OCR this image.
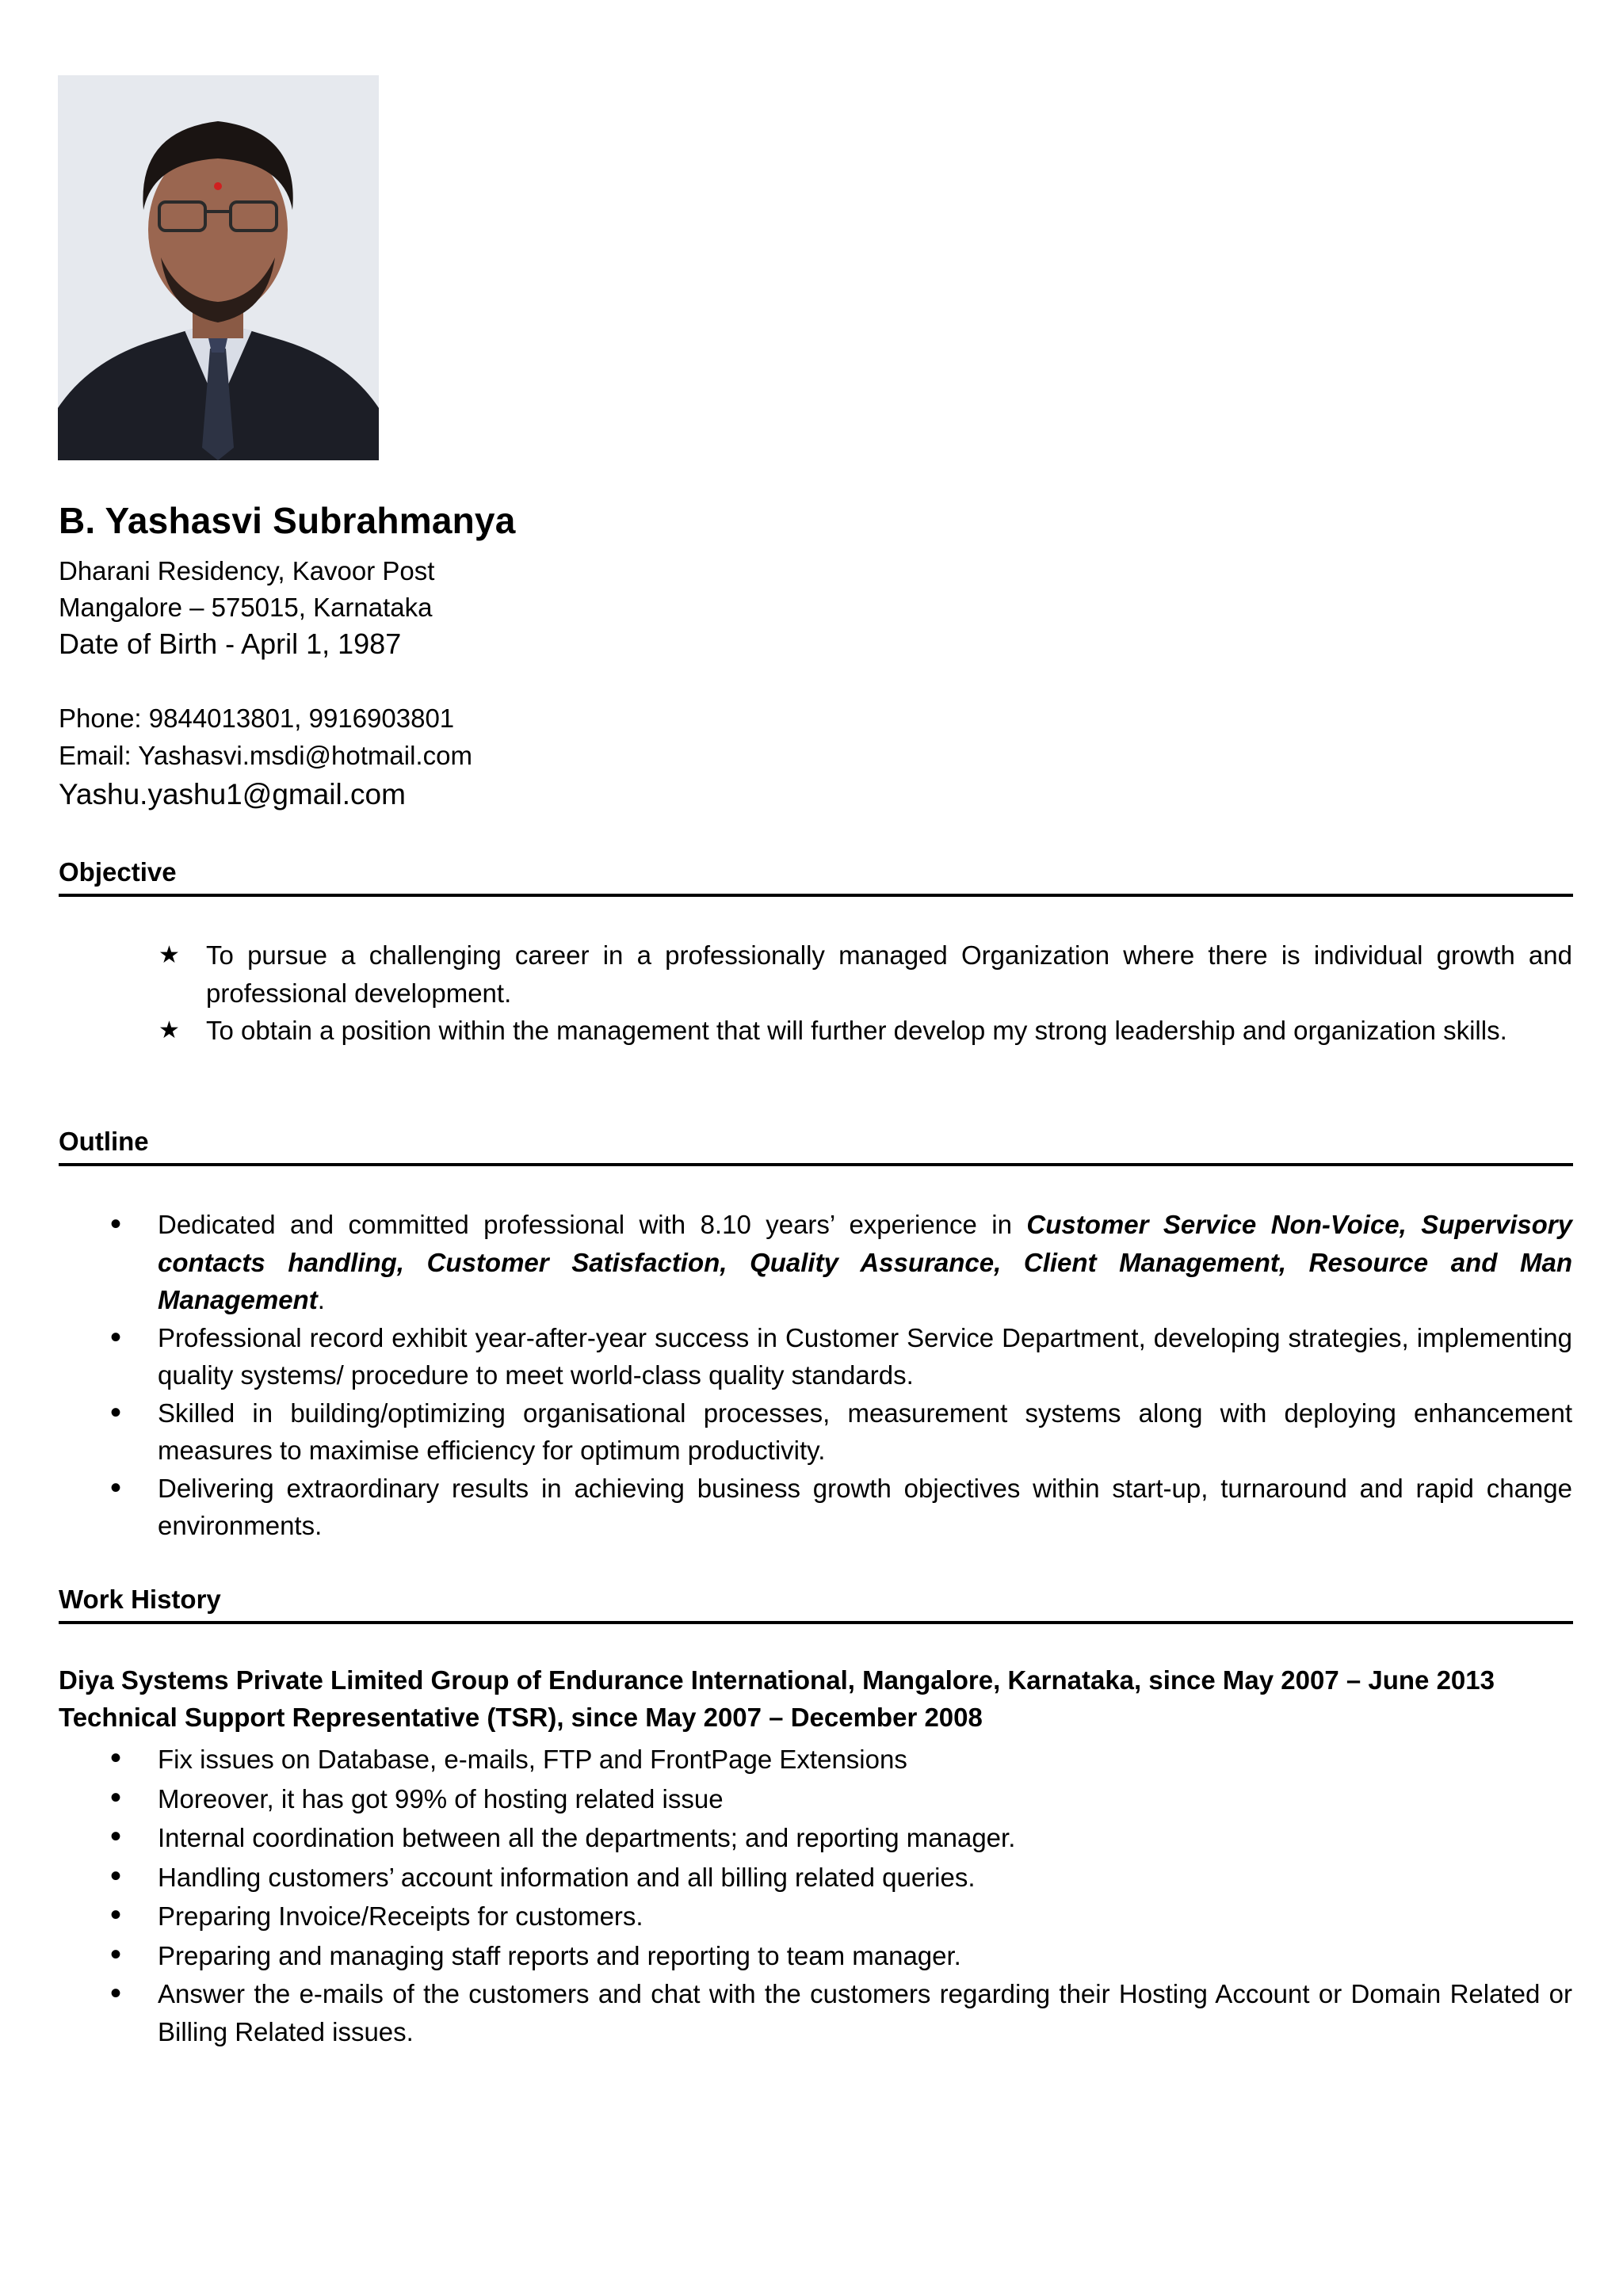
B. Yashasvi Subrahmanya
Dharani Residency, Kavoor Post
Mangalore – 575015, Karnataka
Date of Birth - April 1, 1987
Phone: 9844013801, 9916903801
Email: Yashasvi.msdi@hotmail.com
Yashu.yashu1@gmail.com
Objective
★ To pursue a challenging career in a professionally managed Organization where there is individual growth and professional development.
★ To obtain a position within the management that will further develop my strong leadership and organization skills.
Outline
• Dedicated and committed professional with 8.10 years’ experience in Customer Service Non-Voice, Supervisory contacts handling, Customer Satisfaction, Quality Assurance, Client Management, Resource and Man Management.
• Professional record exhibit year-after-year success in Customer Service Department, developing strategies, implementing quality systems/ procedure to meet world-class quality standards.
• Skilled in building/optimizing organisational processes, measurement systems along with deploying enhancement measures to maximise efficiency for optimum productivity.
• Delivering extraordinary results in achieving business growth objectives within start-up, turnaround and rapid change environments.
Work History
Diya Systems Private Limited Group of Endurance International, Mangalore, Karnataka, since May 2007 – June 2013
Technical Support Representative (TSR), since May 2007 – December 2008
• Fix issues on Database, e-mails, FTP and FrontPage Extensions
• Moreover, it has got 99% of hosting related issue
• Internal coordination between all the departments; and reporting manager.
• Handling customers’ account information and all billing related queries.
• Preparing Invoice/Receipts for customers.
• Preparing and managing staff reports and reporting to team manager.
• Answer the e-mails of the customers and chat with the customers regarding their Hosting Account or Domain Related or Billing Related issues.
